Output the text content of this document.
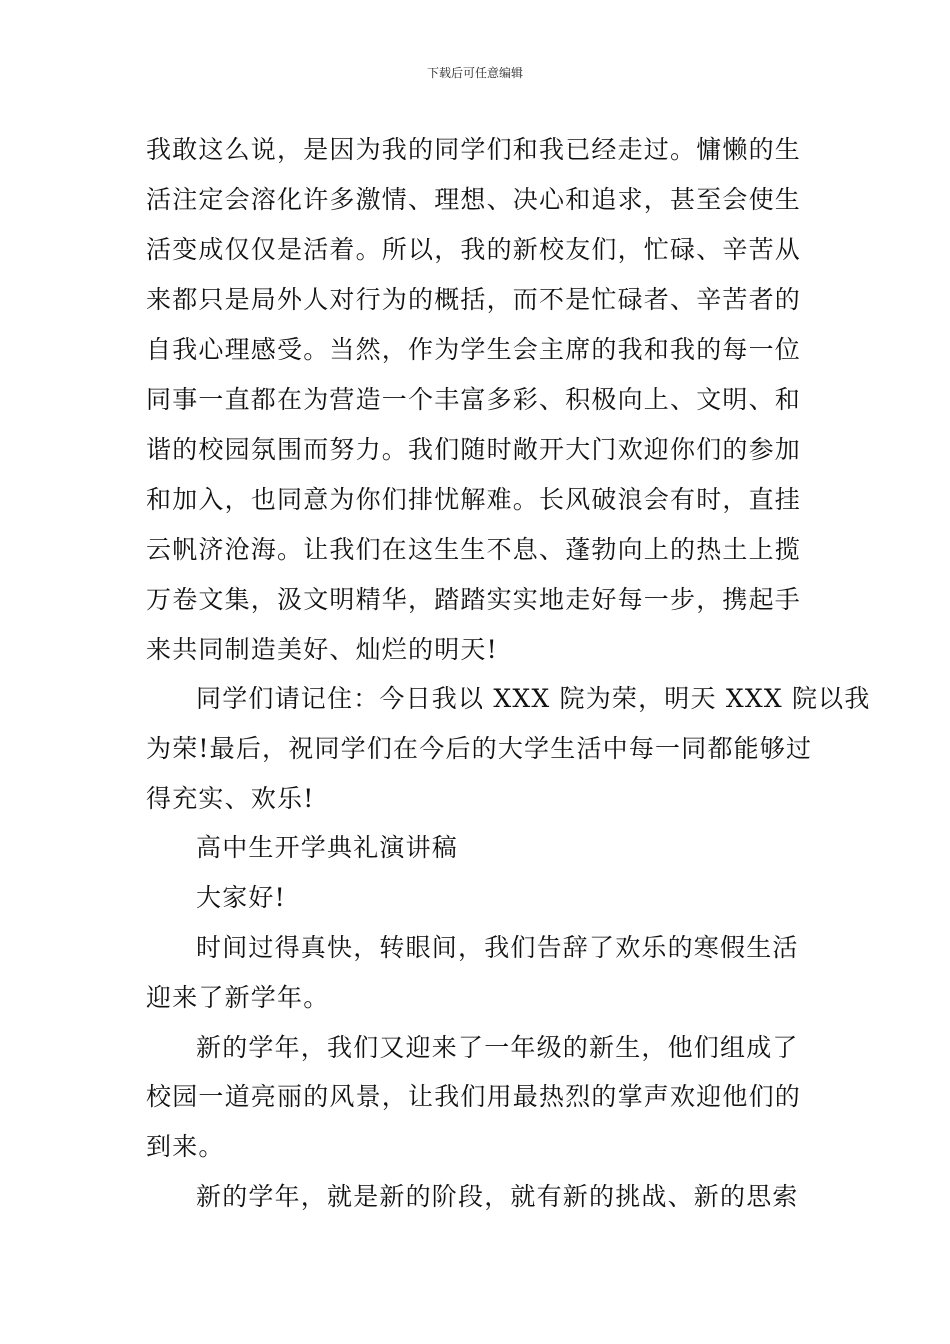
下载后可任意编辑
我敢这么说，是因为我的同学们和我已经走过。慵懒的生
活注定会溶化许多激情、理想、决心和追求，甚至会使生
活变成仅仅是活着。所以，我的新校友们，忙碌、辛苦从
来都只是局外人对行为的概括，而不是忙碌者、辛苦者的
自我心理感受。当然，作为学生会主席的我和我的每一位
同事一直都在为营造一个丰富多彩、积极向上、文明、和
谐的校园氛围而努力。我们随时敞开大门欢迎你们的参加
和加入，也同意为你们排忧解难。长风破浪会有时，直挂
云帆济沧海。让我们在这生生不息、蓬勃向上的热土上揽
万卷文集，汲文明精华，踏踏实实地走好每一步，携起手
来共同制造美好、灿烂的明天!
同学们请记住：今日我以 XXX 院为荣，明天 XXX 院以我
为荣!最后，祝同学们在今后的大学生活中每一同都能够过
得充实、欢乐!
高中生开学典礼演讲稿
大家好!
时间过得真快，转眼间，我们告辞了欢乐的寒假生活
迎来了新学年。
新的学年，我们又迎来了一年级的新生，他们组成了
校园一道亮丽的风景，让我们用最热烈的掌声欢迎他们的
到来。
新的学年，就是新的阶段，就有新的挑战、新的思索
